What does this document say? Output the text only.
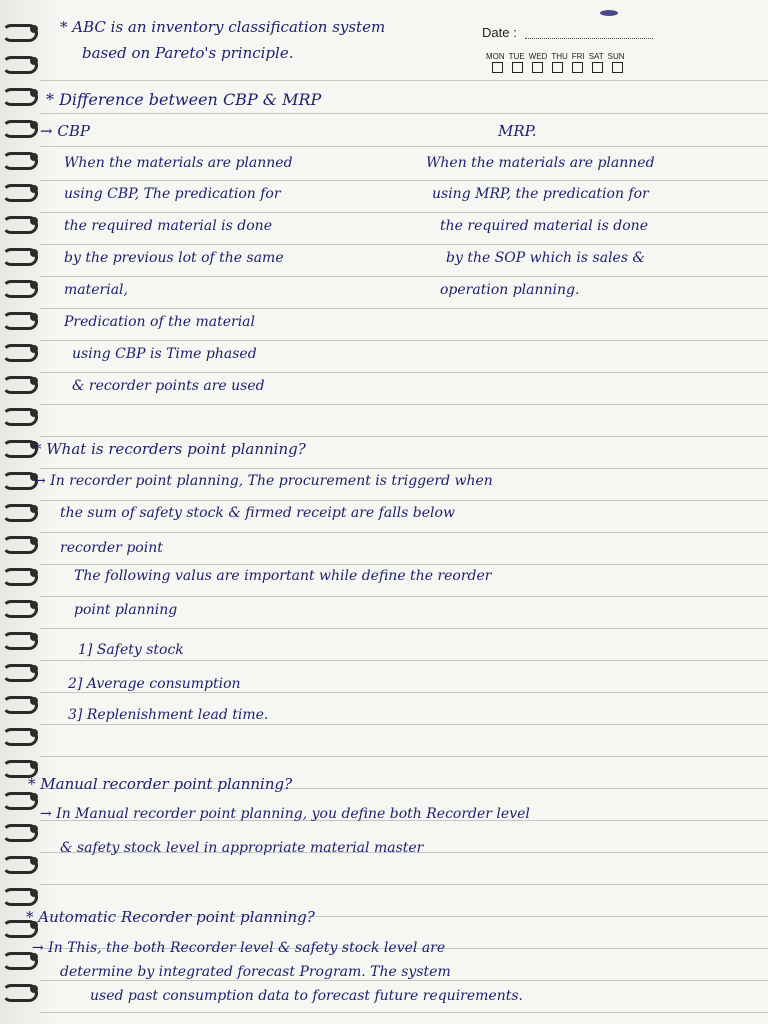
Date :
MON TUE WED THU FRI SAT SUN
* ABC is an inventory classification system
based on Pareto's principle.
* Difference between CBP & MRP
→ CBP	MRP.
When the materials are planned
using CBP, The predication for
the required material is done
by the previous lot of the same
material,
Predication of the material
using CBP is Time phased
& recorder points are used
When the materials are planned
using MRP, the predication for
the required material is done
by the SOP which is sales &
operation planning.
* What is recorders point planning?
→ In recorder point planning, The procurement is triggerd when
the sum of safety stock & firmed receipt are falls below
recorder point
The following valus are important while define the reorder
point planning
1] Safety stock
2] Average consumption
3] Replenishment lead time.
* Manual recorder point planning?
→ In Manual recorder point planning, you define both Recorder level
& safety stock level in appropriate material master
* Automatic Recorder point planning?
→ In This, the both Recorder level & safety stock level are
determine by integrated forecast Program. The system
used past consumption data to forecast future requirements.
